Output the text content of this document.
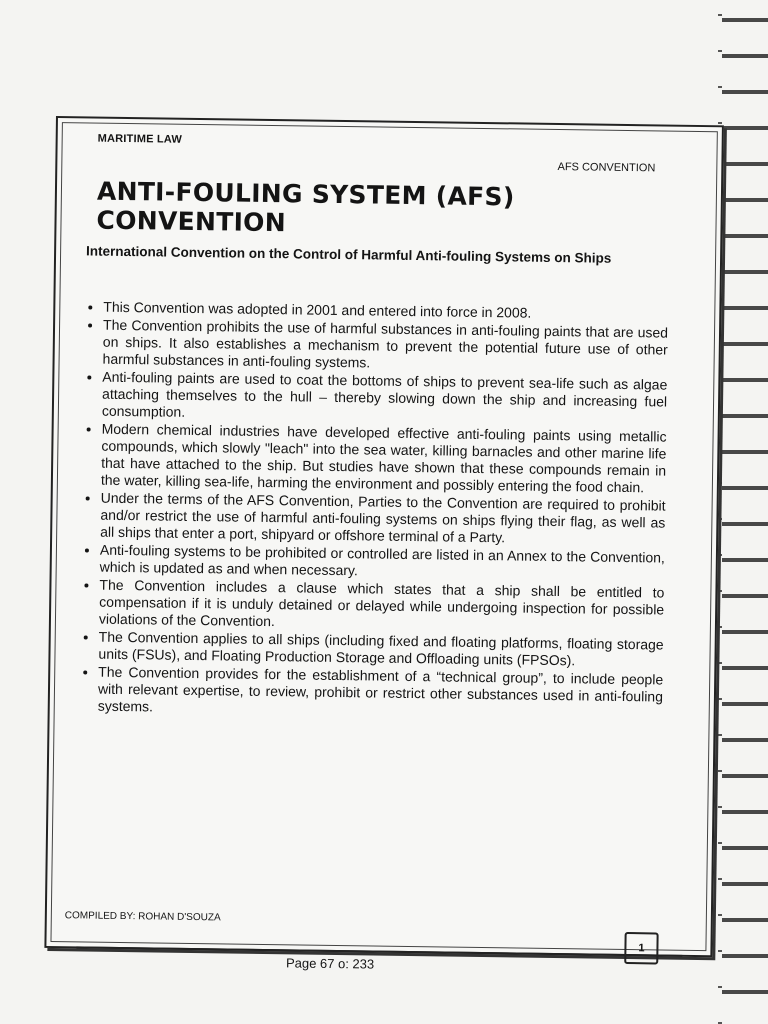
MARITIME LAW
AFS CONVENTION
ANTI-FOULING SYSTEM (AFS) CONVENTION
International Convention on the Control of Harmful Anti-fouling Systems on Ships
• This Convention was adopted in 2001 and entered into force in 2008.
• The Convention prohibits the use of harmful substances in anti-fouling paints that are used on ships. It also establishes a mechanism to prevent the potential future use of other harmful substances in anti-fouling systems.
• Anti-fouling paints are used to coat the bottoms of ships to prevent sea-life such as algae attaching themselves to the hull – thereby slowing down the ship and increasing fuel consumption.
• Modern chemical industries have developed effective anti-fouling paints using metallic compounds, which slowly "leach" into the sea water, killing barnacles and other marine life that have attached to the ship. But studies have shown that these compounds remain in the water, killing sea-life, harming the environment and possibly entering the food chain.
• Under the terms of the AFS Convention, Parties to the Convention are required to prohibit and/or restrict the use of harmful anti-fouling systems on ships flying their flag, as well as all ships that enter a port, shipyard or offshore terminal of a Party.
• Anti-fouling systems to be prohibited or controlled are listed in an Annex to the Convention, which is updated as and when necessary.
• The Convention includes a clause which states that a ship shall be entitled to compensation if it is unduly detained or delayed while undergoing inspection for possible violations of the Convention.
• The Convention applies to all ships (including fixed and floating platforms, floating storage units (FSUs), and Floating Production Storage and Offloading units (FPSOs).
• The Convention provides for the establishment of a “technical group”, to include people with relevant expertise, to review, prohibit or restrict other substances used in anti-fouling systems.
COMPILED BY: ROHAN D'SOUZA
1
Page 67 o: 233
